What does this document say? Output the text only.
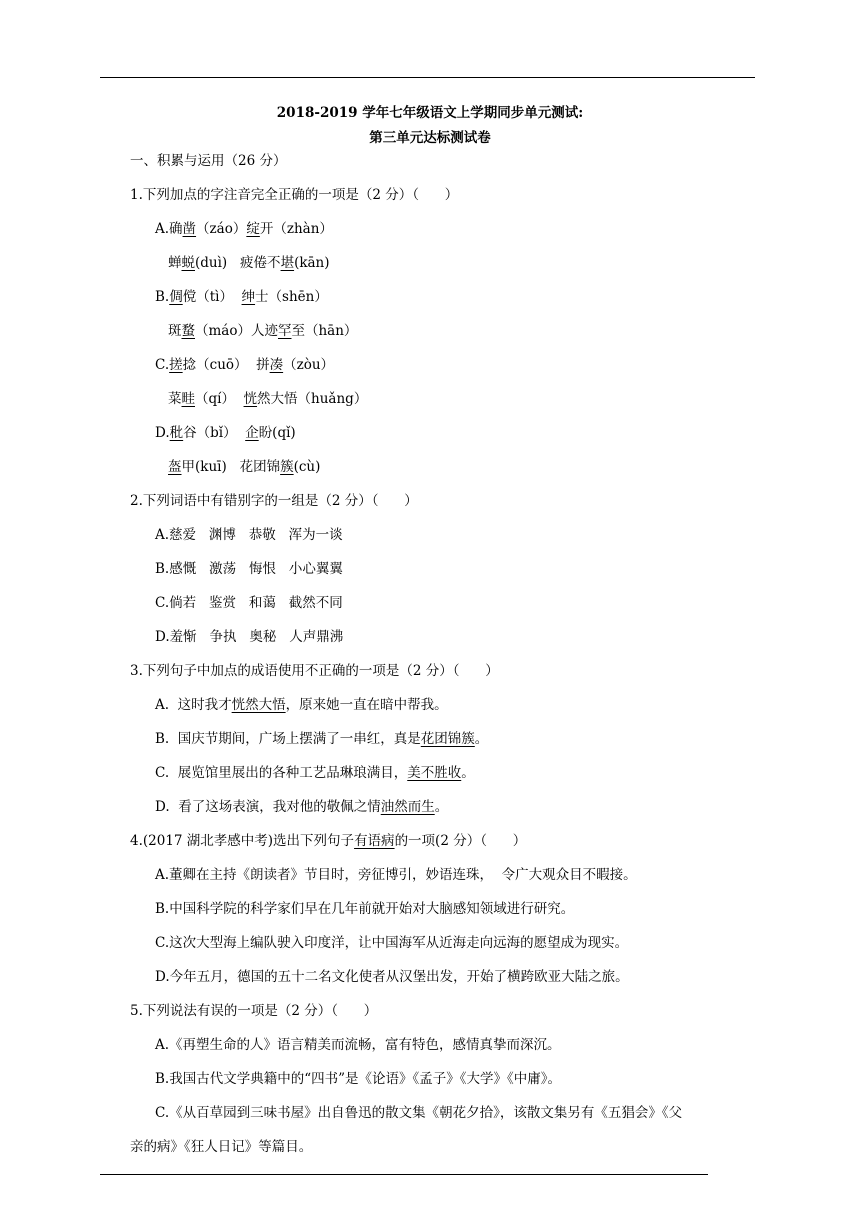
2018-2019 学年七年级语文上学期同步单元测试:
第三单元达标测试卷
一、积累与运用（26 分）
1.下列加点的字注音完全正确的一项是（2 分）（      ）
A.确凿（záo）绽开（zhàn）
蝉蜕(duì)   疲倦不堪(kān)
B.倜傥（tì）  绅士（shēn）
斑蝥（máo）人迹罕至（hān）
C.搓捻（cuō）  拼凑（zòu）
菜畦（qí）  恍然大悟（huǎng）
D.秕谷（bǐ）  企盼(qǐ)
盔甲(kuī)   花团锦簇(cù)
2.下列词语中有错别字的一组是（2 分）（      ）
A.慈爱   渊博   恭敬   浑为一谈
B.感慨   激荡   悔恨   小心翼翼
C.倘若   鉴赏   和蔼   截然不同
D.羞惭   争执   奥秘   人声鼎沸
3.下列句子中加点的成语使用不正确的一项是（2 分）（      ）
A.  这时我才恍然大悟，原来她一直在暗中帮我。
B.  国庆节期间，广场上摆满了一串红，真是花团锦簇。
C.  展览馆里展出的各种工艺品琳琅满目，美不胜收。
D.  看了这场表演，我对他的敬佩之情油然而生。
4.(2017 湖北孝感中考)选出下列句子有语病的一项(2 分）（      ）
A.董卿在主持《朗读者》节目时，旁征博引，妙语连珠，  令广大观众目不暇接。
B.中国科学院的科学家们早在几年前就开始对大脑感知领域进行研究。
C.这次大型海上编队驶入印度洋，让中国海军从近海走向远海的愿望成为现实。
D.今年五月，德国的五十二名文化使者从汉堡出发，开始了横跨欧亚大陆之旅。
5.下列说法有误的一项是（2 分）（      ）
A.《再塑生命的人》语言精美而流畅，富有特色，感情真挚而深沉。
B.我国古代文学典籍中的“四书”是《论语》《孟子》《大学》《中庸》。
C.《从百草园到三味书屋》出自鲁迅的散文集《朝花夕拾》，该散文集另有《五猖会》《父
亲的病》《狂人日记》等篇目。
